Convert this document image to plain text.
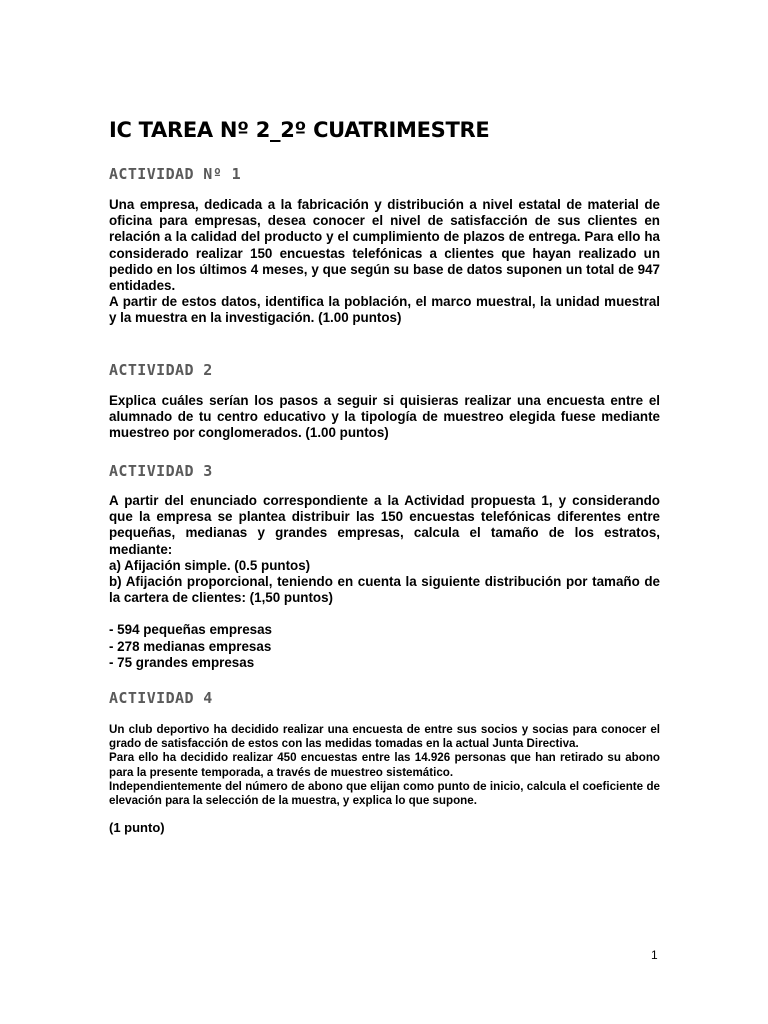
IC TAREA Nº 2_2º CUATRIMESTRE
ACTIVIDAD Nº 1

Una empresa, dedicada a la fabricación y distribución a nivel estatal de material de oficina para empresas, desea conocer el nivel de satisfacción de sus clientes en relación a la calidad del producto y el cumplimiento de plazos de entrega. Para ello ha considerado realizar 150 encuestas telefónicas a clientes que hayan realizado un pedido en los últimos 4 meses, y que según su base de datos suponen un total de 947 entidades.

A partir de estos datos, identifica la población, el marco muestral, la unidad muestral y la muestra en la investigación. (1.00 puntos)

ACTIVIDAD 2

Explica cuáles serían los pasos a seguir si quisieras realizar una encuesta entre el alumnado de tu centro educativo y la tipología de muestreo elegida fuese mediante muestreo por conglomerados. (1.00 puntos)

ACTIVIDAD 3

A partir del enunciado correspondiente a la Actividad propuesta 1, y considerando que la empresa se plantea distribuir las 150 encuestas telefónicas diferentes entre pequeñas, medianas y grandes empresas, calcula el tamaño de los estratos, mediante:

a) Afijación simple. (0.5 puntos)

b) Afijación proporcional, teniendo en cuenta la siguiente distribución por tamaño de la cartera de clientes: (1,50 puntos)

- 594 pequeñas empresas
- 278 medianas empresas
- 75 grandes empresas
ACTIVIDAD 4

Un club deportivo ha decidido realizar una encuesta de entre sus socios y socias para conocer el grado de satisfacción de estos con las medidas tomadas en la actual Junta Directiva.

Para ello ha decidido realizar 450 encuestas entre las 14.926 personas que han retirado su abono para la presente temporada, a través de muestreo sistemático.

Independientemente del número de abono que elijan como punto de inicio, calcula el coeficiente de elevación para la selección de la muestra, y explica lo que supone.

(1 punto)
1
